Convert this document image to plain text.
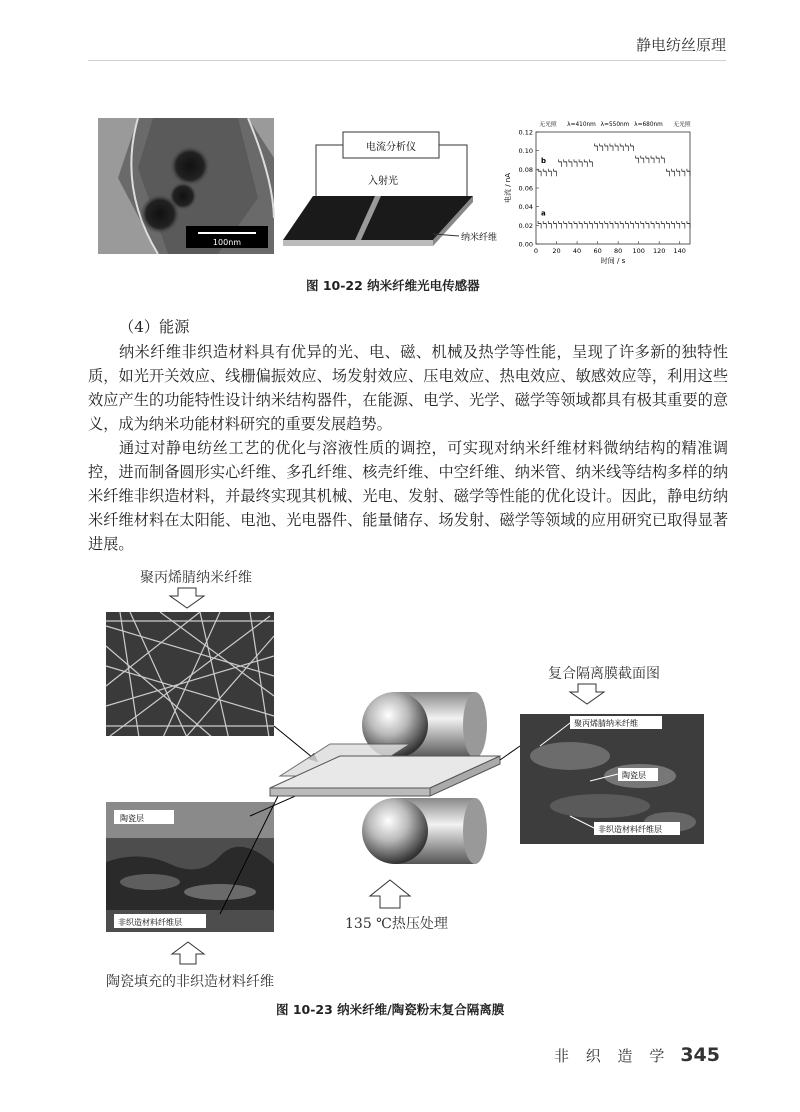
静电纺丝原理
100nm
电流分析仪
入射光
纳米纤维
0.00
0.02
0.04
0.06
0.08
0.10
0.12
0 20 40 60 80 100 120 140
时间 / s
电流 / nA
无光照 λ=410nm λ=550nm λ=680nm 无光照
b
a
图 10-22 纳米纤维光电传感器
（4）能源

纳米纤维非织造材料具有优异的光、电、磁、机械及热学等性能，呈现了许多新的独特性质，如光开关效应、线栅偏振效应、场发射效应、压电效应、热电效应、敏感效应等，利用这些效应产生的功能特性设计纳米结构器件，在能源、电学、光学、磁学等领域都具有极其重要的意义，成为纳米功能材料研究的重要发展趋势。

通过对静电纺丝工艺的优化与溶液性质的调控，可实现对纳米纤维材料微纳结构的精准调控，进而制备圆形实心纤维、多孔纤维、核壳纤维、中空纤维、纳米管、纳米线等结构多样的纳米纤维非织造材料，并最终实现其机械、光电、发射、磁学等性能的优化设计。因此，静电纺纳米纤维材料在太阳能、电池、光电器件、能量储存、场发射、磁学等领域的应用研究已取得显著进展。

聚丙烯腈纳米纤维
陶瓷层
非织造材料纤维层
陶瓷填充的非织造材料纤维
135 ℃热压处理
复合隔离膜截面图
聚丙烯腈纳米纤维
陶瓷层
非织造材料纤维层
图 10-23 纳米纤维/陶瓷粉末复合隔离膜
非 织 造 学 345
